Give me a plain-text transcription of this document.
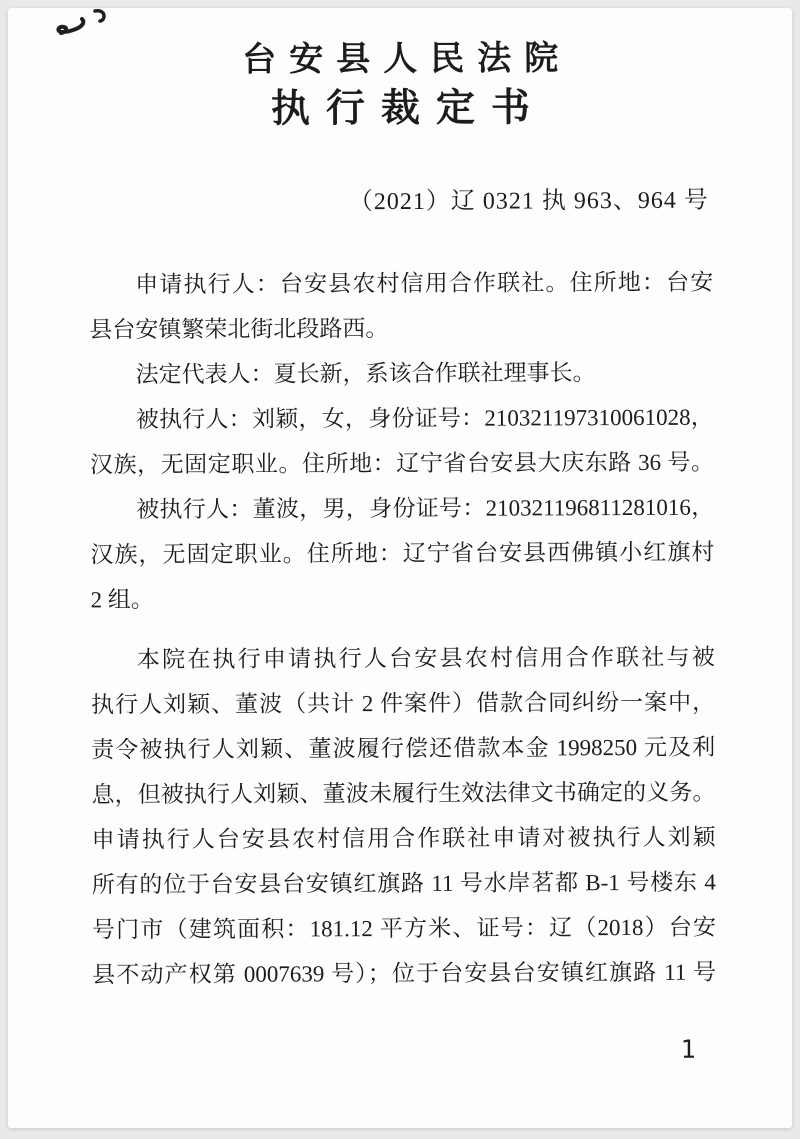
台安县人民法院
执行裁定书
（2021）辽 0321 执 963、964 号
申请执行人：台安县农村信用合作联社。住所地：台安
县台安镇繁荣北街北段路西。
法定代表人：夏长新，系该合作联社理事长。
被执行人：刘颖，女，身份证号：210321197310061028，
汉族，无固定职业。住所地：辽宁省台安县大庆东路 36 号。
被执行人：董波，男，身份证号：210321196811281016，
汉族，无固定职业。住所地：辽宁省台安县西佛镇小红旗村
2 组。
本院在执行申请执行人台安县农村信用合作联社与被
执行人刘颖、董波（共计 2 件案件）借款合同纠纷一案中，
责令被执行人刘颖、董波履行偿还借款本金 1998250 元及利
息，但被执行人刘颖、董波未履行生效法律文书确定的义务。
申请执行人台安县农村信用合作联社申请对被执行人刘颖
所有的位于台安县台安镇红旗路 11 号水岸茗都 B-1 号楼东 4
号门市（建筑面积：181.12 平方米、证号：辽（2018）台安
县不动产权第 0007639 号）；位于台安县台安镇红旗路 11 号
1
